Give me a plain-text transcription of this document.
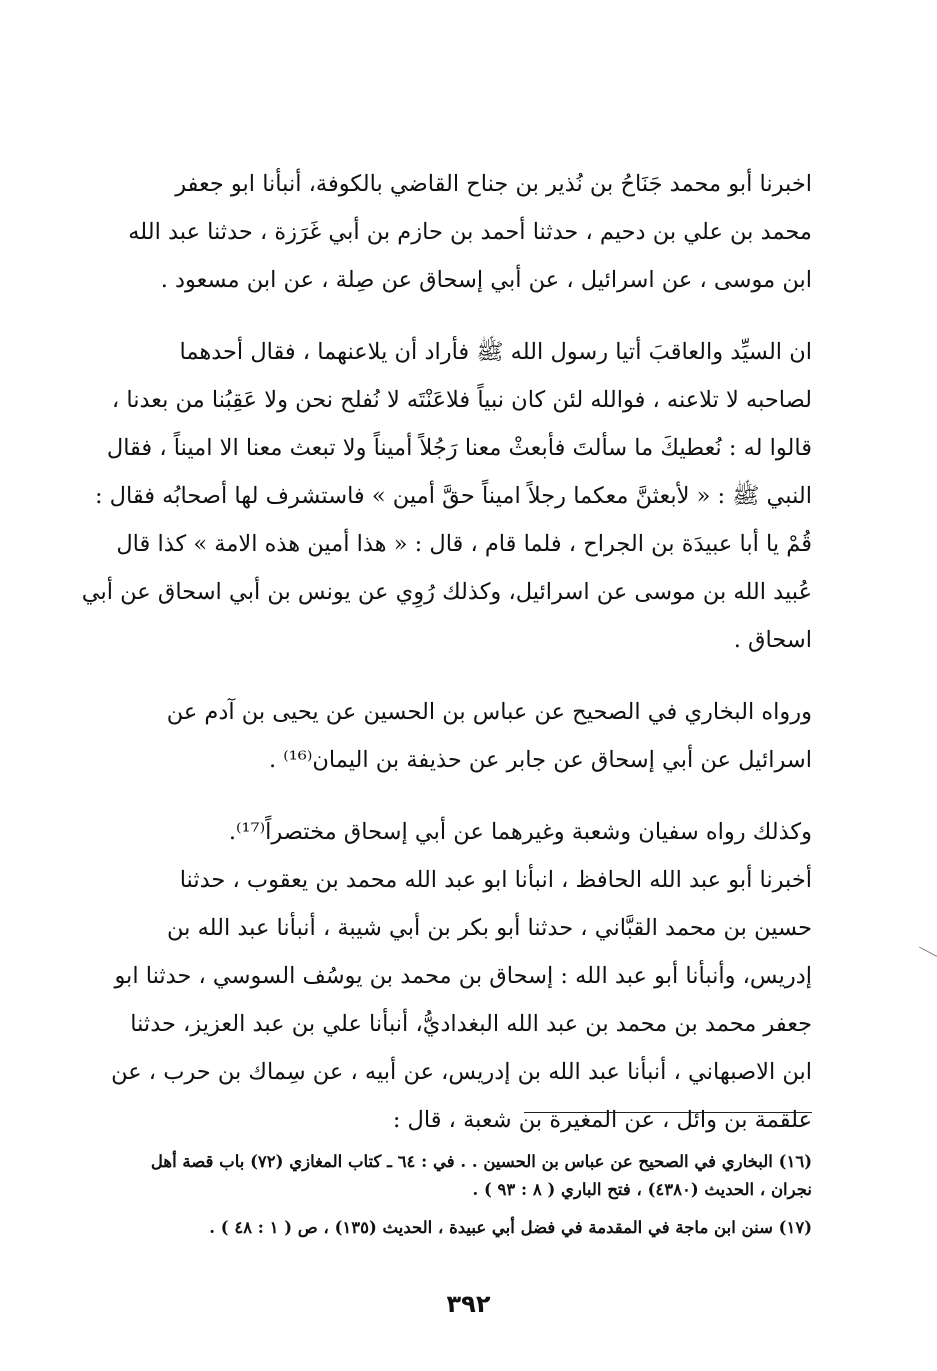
اخبرنا أبو محمد جَنَاحُ بن نُذير بن جناح القاضي بالكوفة، أنبأنا ابو جعفر
محمد بن علي بن دحيم ، حدثنا أحمد بن حازم بن أبي غَرَزة ، حدثنا عبد الله
ابن موسى ، عن اسرائيل ، عن أبي إسحاق عن صِلة ، عن ابن مسعود .

ان السيِّد والعاقبَ أتيا رسول الله ﷺ فأراد أن يلاعنهما ، فقال أحدهما
لصاحبه لا تلاعنه ، فوالله لئن كان نبياً فلاعَنْتَه لا نُفلح نحن ولا عَقِبُنا من بعدنا ،
قالوا له : نُعطيكَ ما سألتَ فأبعثْ معنا رَجُلاً أميناً ولا تبعث معنا الا اميناً ، فقال
النبي ﷺ : « لأبعثنَّ معكما رجلاً اميناً حقَّ أمين » فاستشرف لها أصحابُه فقال :
قُمْ يا أبا عبيدَة بن الجراح ، فلما قام ، قال : « هذا أمين هذه الامة » كذا قال
عُبيد الله بن موسى عن اسرائيل، وكذلك رُوِي عن يونس بن أبي اسحاق عن أبي
اسحاق .

ورواه البخاري في الصحيح عن عباس بن الحسين عن يحيى بن آدم عن
اسرائيل عن أبي إسحاق عن جابر عن حذيفة بن اليمان⁽¹⁶⁾ .

وكذلك رواه سفيان وشعبة وغيرهما عن أبي إسحاق مختصراً⁽¹⁷⁾.

أخبرنا أبو عبد الله الحافظ ، انبأنا ابو عبد الله محمد بن يعقوب ، حدثنا
حسين بن محمد القبَّاني ، حدثنا أبو بكر بن أبي شيبة ، أنبأنا عبد الله بن
إدريس، وأنبأنا أبو عبد الله : إسحاق بن محمد بن يوسُف السوسي ، حدثنا ابو
جعفر محمد بن محمد بن عبد الله البغداديُّ، أنبأنا علي بن عبد العزيز، حدثنا
ابن الاصبهاني ، أنبأنا عبد الله بن إدريس، عن أبيه ، عن سِماك بن حرب ، عن
علقمة بن وائل ، عن المغيرة بن شعبة ، قال :

(١٦) البخاري في الصحيح عن عباس بن الحسين . . في : ٦٤ ـ كتاب المغازي (٧٢) باب قصة أهل
نجران ، الحديث (٤٣٨٠) ، فتح الباري ( ٨ : ٩٣ ) .

(١٧) سنن ابن ماجة في المقدمة في فضل أبي عبيدة ، الحديث (١٣٥) ، ص ( ١ : ٤٨ ) .

٣٩٢
